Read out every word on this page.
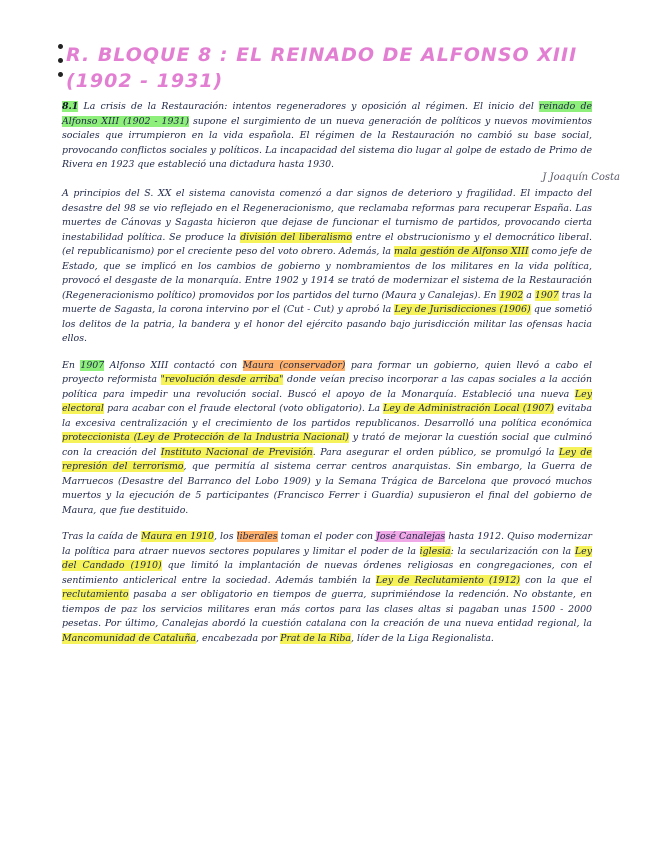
R. BLOQUE 8 : EL REINADO DE ALFONSO XIII
(1902 - 1931)

8.1 La crisis de la Restauración: intentos regeneradores y oposición al régimen. El inicio del reinado de Alfonso XIII (1902 - 1931) supone el surgimiento de un nueva generación de políticos y nuevos movimientos sociales que irrumpieron en la vida española. El régimen de la Restauración no cambió su base social, provocando conflictos sociales y políticos. La incapacidad del sistema dio lugar al golpe de estado de Primo de Rivera en 1923 que estableció una dictadura hasta 1930.

J Joaquín Costa

A principios del S. XX el sistema canovista comenzó a dar signos de deterioro y fragilidad. El impacto del desastre del 98 se vio reflejado en el Regeneracionismo, que reclamaba reformas para recuperar España. Las muertes de Cánovas y Sagasta hicieron que dejase de funcionar el turnismo de partidos, provocando cierta inestabilidad política. Se produce la división del liberalismo entre el obstrucionismo y el democrático liberal. (el republicanismo) por el creciente peso del voto obrero. Además, la mala gestión de Alfonso XIII como jefe de Estado, que se implicó en los cambios de gobierno y nombramientos de los militares en la vida política, provocó el desgaste de la monarquía. Entre 1902 y 1914 se trató de modernizar el sistema de la Restauración (Regeneracionismo político) promovidos por los partidos del turno (Maura y Canalejas). En 1902 a 1907 tras la muerte de Sagasta, la corona intervino por el (Cut - Cut) y aprobó la Ley de Jurisdicciones (1906) que sometió los delitos de la patria, la bandera y el honor del ejército pasando bajo jurisdicción militar las ofensas hacia ellos.

En 1907 Alfonso XIII contactó con Maura (conservador) para formar un gobierno, quien llevó a cabo el proyecto reformista "revolución desde arriba" donde veían preciso incorporar a las capas sociales a la acción política para impedir una revolución social. Buscó el apoyo de la Monarquía. Estableció una nueva Ley electoral para acabar con el fraude electoral (voto obligatorio). La Ley de Administración Local (1907) evitaba la excesiva centralización y el crecimiento de los partidos republicanos. Desarrolló una política económica proteccionista (Ley de Protección de la Industria Nacional) y trató de mejorar la cuestión social que culminó con la creación del Instituto Nacional de Previsión. Para asegurar el orden público, se promulgó la Ley de represión del terrorismo, que permitía al sistema cerrar centros anarquistas. Sin embargo, la Guerra de Marruecos (Desastre del Barranco del Lobo 1909) y la Semana Trágica de Barcelona que provocó muchos muertos y la ejecución de 5 participantes (Francisco Ferrer i Guardia) supusieron el final del gobierno de Maura, que fue destituido.

Tras la caída de Maura en 1910, los liberales toman el poder con José Canalejas hasta 1912. Quiso modernizar la política para atraer nuevos sectores populares y limitar el poder de la iglesia: la secularización con la Ley del Candado (1910) que limitó la implantación de nuevas órdenes religiosas en congregaciones, con el sentimiento anticlerical entre la sociedad. Además también la Ley de Reclutamiento (1912) con la que el reclutamiento pasaba a ser obligatorio en tiempos de guerra, suprimiéndose la redención. No obstante, en tiempos de paz los servicios militares eran más cortos para las clases altas si pagaban unas 1500 - 2000 pesetas. Por último, Canalejas abordó la cuestión catalana con la creación de una nueva entidad regional, la Mancomunidad de Cataluña, encabezada por Prat de la Riba, líder de la Liga Regionalista.
